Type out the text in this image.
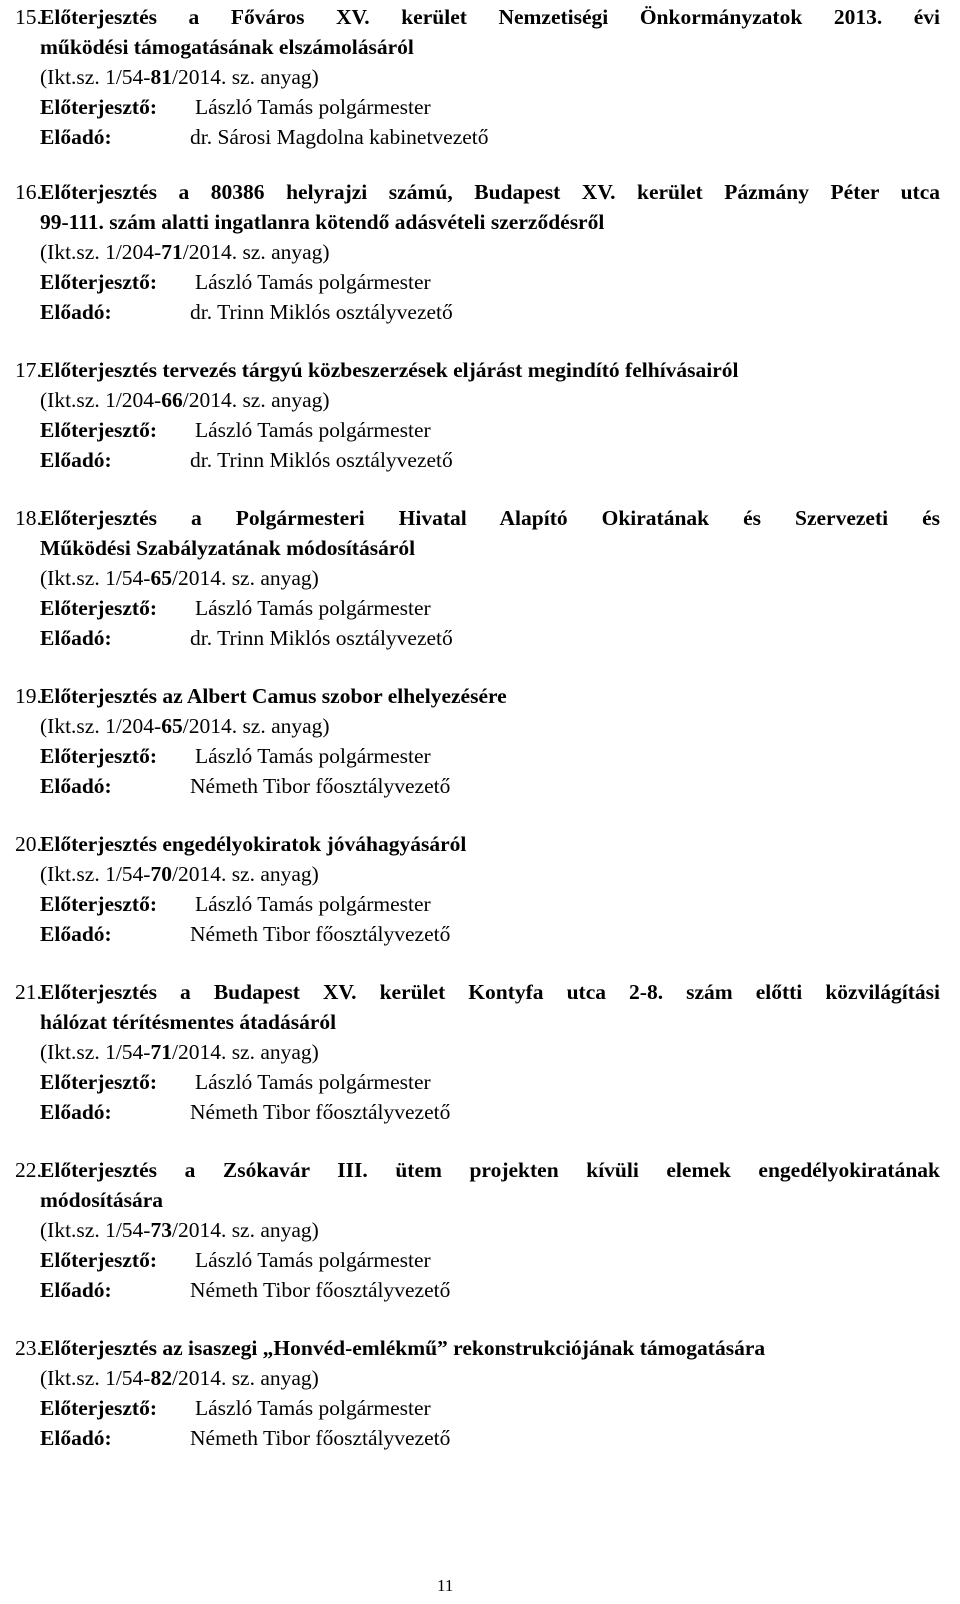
15.
Előterjesztés a Főváros XV. kerület Nemzetiségi Önkormányzatok 2013. évi
működési támogatásának elszámolásáról
(Ikt.sz. 1/54-81/2014. sz. anyag)
Előterjesztő: László Tamás polgármester
Előadó:	dr. Sárosi Magdolna kabinetvezető
16.
Előterjesztés a 80386 helyrajzi számú, Budapest XV. kerület Pázmány Péter utca
99-111. szám alatti ingatlanra kötendő adásvételi szerződésről
(Ikt.sz. 1/204-71/2014. sz. anyag)
Előterjesztő: László Tamás polgármester
Előadó:	dr. Trinn Miklós osztályvezető
17.
Előterjesztés tervezés tárgyú közbeszerzések eljárást megindító felhívásairól
(Ikt.sz. 1/204-66/2014. sz. anyag)
Előterjesztő: László Tamás polgármester
Előadó:	dr. Trinn Miklós osztályvezető
18.
Előterjesztés a Polgármesteri Hivatal Alapító Okiratának és Szervezeti és
Működési Szabályzatának módosításáról
(Ikt.sz. 1/54-65/2014. sz. anyag)
Előterjesztő: László Tamás polgármester
Előadó:	dr. Trinn Miklós osztályvezető
19.
Előterjesztés az Albert Camus szobor elhelyezésére
(Ikt.sz. 1/204-65/2014. sz. anyag)
Előterjesztő: László Tamás polgármester
Előadó:	Németh Tibor főosztályvezető
20.
Előterjesztés engedélyokiratok jóváhagyásáról
(Ikt.sz. 1/54-70/2014. sz. anyag)
Előterjesztő: László Tamás polgármester
Előadó:	Németh Tibor főosztályvezető
21.
Előterjesztés a Budapest XV. kerület Kontyfa utca 2-8. szám előtti közvilágítási
hálózat térítésmentes átadásáról
(Ikt.sz. 1/54-71/2014. sz. anyag)
Előterjesztő: László Tamás polgármester
Előadó:	Németh Tibor főosztályvezető
22.
Előterjesztés a Zsókavár III. ütem projekten kívüli elemek engedélyokiratának
módosítására
(Ikt.sz. 1/54-73/2014. sz. anyag)
Előterjesztő: László Tamás polgármester
Előadó:	Németh Tibor főosztályvezető
23.
Előterjesztés az isaszegi „Honvéd-emlékmű” rekonstrukciójának támogatására
(Ikt.sz. 1/54-82/2014. sz. anyag)
Előterjesztő: László Tamás polgármester
Előadó:	Németh Tibor főosztályvezető
11
